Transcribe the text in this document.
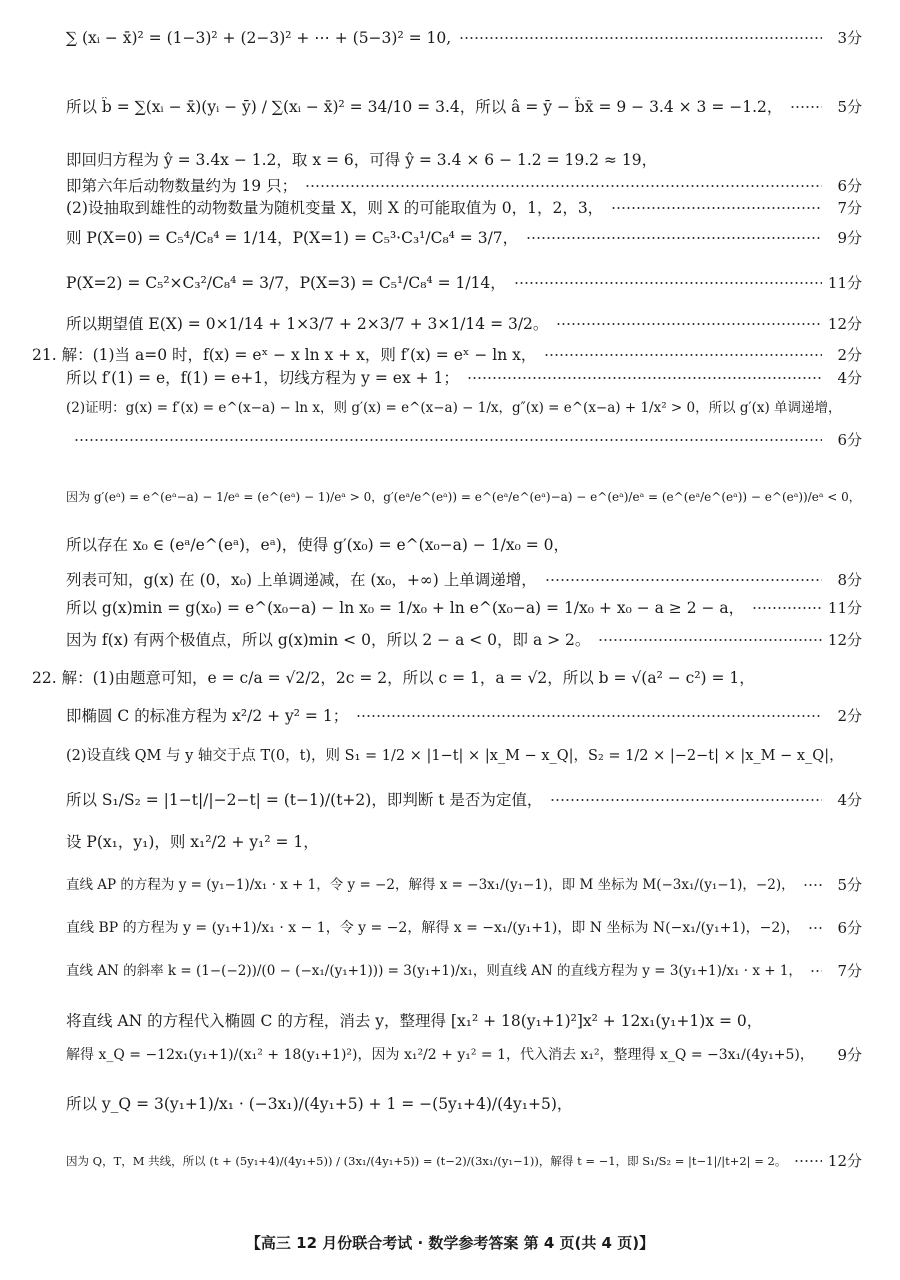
∑ (xᵢ − x̄)² = (1−3)² + (2−3)² + ⋯ + (5−3)² = 10,	3分
所以 b̂ = ∑(xᵢ − x̄)(yᵢ − ȳ) / ∑(xᵢ − x̄)² = 34/10 = 3.4，所以 â = ȳ − b̂x̄ = 9 − 3.4 × 3 = −1.2，	5分
即回归方程为 ŷ = 3.4x − 1.2，取 x = 6，可得 ŷ = 3.4 × 6 − 1.2 = 19.2 ≈ 19，
即第六年后动物数量约为 19 只；	6分
(2)设抽取到雄性的动物数量为随机变量 X，则 X 的可能取值为 0，1，2，3，	7分
则 P(X=0) = C₅⁴/C₈⁴ = 1/14，P(X=1) = C₅³·C₃¹/C₈⁴ = 3/7，	9分
P(X=2) = C₅²×C₃²/C₈⁴ = 3/7，P(X=3) = C₅¹/C₈⁴ = 1/14，	11分
所以期望值 E(X) = 0×1/14 + 1×3/7 + 2×3/7 + 3×1/14 = 3/2。	12分
21. 解：(1)当 a=0 时，f(x) = eˣ − x ln x + x，则 f′(x) = eˣ − ln x，	2分
所以 f′(1) = e，f(1) = e+1，切线方程为 y = ex + 1；	4分
(2)证明：g(x) = f′(x) = e^(x−a) − ln x，则 g′(x) = e^(x−a) − 1/x，g″(x) = e^(x−a) + 1/x² > 0，所以 g′(x) 单调递增，
6分
因为 g′(eᵃ) = e^(eᵃ−a) − 1/eᵃ = (e^(eᵃ) − 1)/eᵃ > 0，g′(eᵃ/e^(eᵃ)) = e^(eᵃ/e^(eᵃ)−a) − e^(eᵃ)/eᵃ = (e^(eᵃ/e^(eᵃ)) − e^(eᵃ))/eᵃ < 0，
所以存在 x₀ ∈ (eᵃ/e^(eᵃ)，eᵃ)，使得 g′(x₀) = e^(x₀−a) − 1/x₀ = 0，
列表可知，g(x) 在 (0，x₀) 上单调递减，在 (x₀，+∞) 上单调递增，	8分
所以 g(x)min = g(x₀) = e^(x₀−a) − ln x₀ = 1/x₀ + ln e^(x₀−a) = 1/x₀ + x₀ − a ≥ 2 − a，	11分
因为 f(x) 有两个极值点，所以 g(x)min < 0，所以 2 − a < 0，即 a > 2。	12分
22. 解：(1)由题意可知，e = c/a = √2/2，2c = 2，所以 c = 1，a = √2，所以 b = √(a² − c²) = 1，
即椭圆 C 的标准方程为 x²/2 + y² = 1；	2分
(2)设直线 QM 与 y 轴交于点 T(0，t)，则 S₁ = 1/2 × |1−t| × |x_M − x_Q|，S₂ = 1/2 × |−2−t| × |x_M − x_Q|，
所以 S₁/S₂ = |1−t|/|−2−t| = (t−1)/(t+2)，即判断 t 是否为定值，	4分
设 P(x₁，y₁)，则 x₁²/2 + y₁² = 1，
直线 AP 的方程为 y = (y₁−1)/x₁ · x + 1，令 y = −2，解得 x = −3x₁/(y₁−1)，即 M 坐标为 M(−3x₁/(y₁−1)，−2)，	5分
直线 BP 的方程为 y = (y₁+1)/x₁ · x − 1，令 y = −2，解得 x = −x₁/(y₁+1)，即 N 坐标为 N(−x₁/(y₁+1)，−2)，	6分
直线 AN 的斜率 k = (1−(−2))/(0 − (−x₁/(y₁+1))) = 3(y₁+1)/x₁，则直线 AN 的直线方程为 y = 3(y₁+1)/x₁ · x + 1，	7分
将直线 AN 的方程代入椭圆 C 的方程，消去 y，整理得 [x₁² + 18(y₁+1)²]x² + 12x₁(y₁+1)x = 0，
解得 x_Q = −12x₁(y₁+1)/(x₁² + 18(y₁+1)²)，因为 x₁²/2 + y₁² = 1，代入消去 x₁²，整理得 x_Q = −3x₁/(4y₁+5)，	9分
所以 y_Q = 3(y₁+1)/x₁ · (−3x₁)/(4y₁+5) + 1 = −(5y₁+4)/(4y₁+5)，
因为 Q，T，M 共线，所以 (t + (5y₁+4)/(4y₁+5)) / (3x₁/(4y₁+5)) = (t−2)/(3x₁/(y₁−1))，解得 t = −1，即 S₁/S₂ = |t−1|/|t+2| = 2。	12分
【高三 12 月份联合考试 · 数学参考答案 第 4 页(共 4 页)】
